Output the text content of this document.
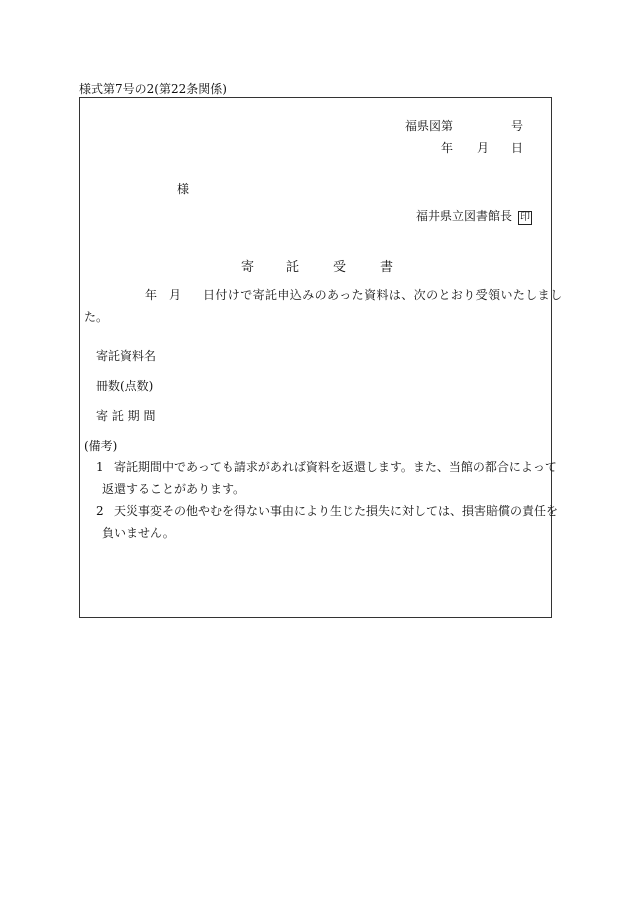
様式第7号の2(第22条関係)
福県図第	号
年 月 日
様
福井県立図書館長 印
寄 託	受	書
年 月 日付けで寄託申込みのあった資料は、次のとおり受領いたしまし
た。
寄託資料名
冊数(点数)
寄 託 期 間
(備考)
1 寄託期間中であっても請求があれば資料を返還します。また、当館の都合によって
返還することがあります。
2 天災事変その他やむを得ない事由により生じた損失に対しては、損害賠償の責任を
負いません。
